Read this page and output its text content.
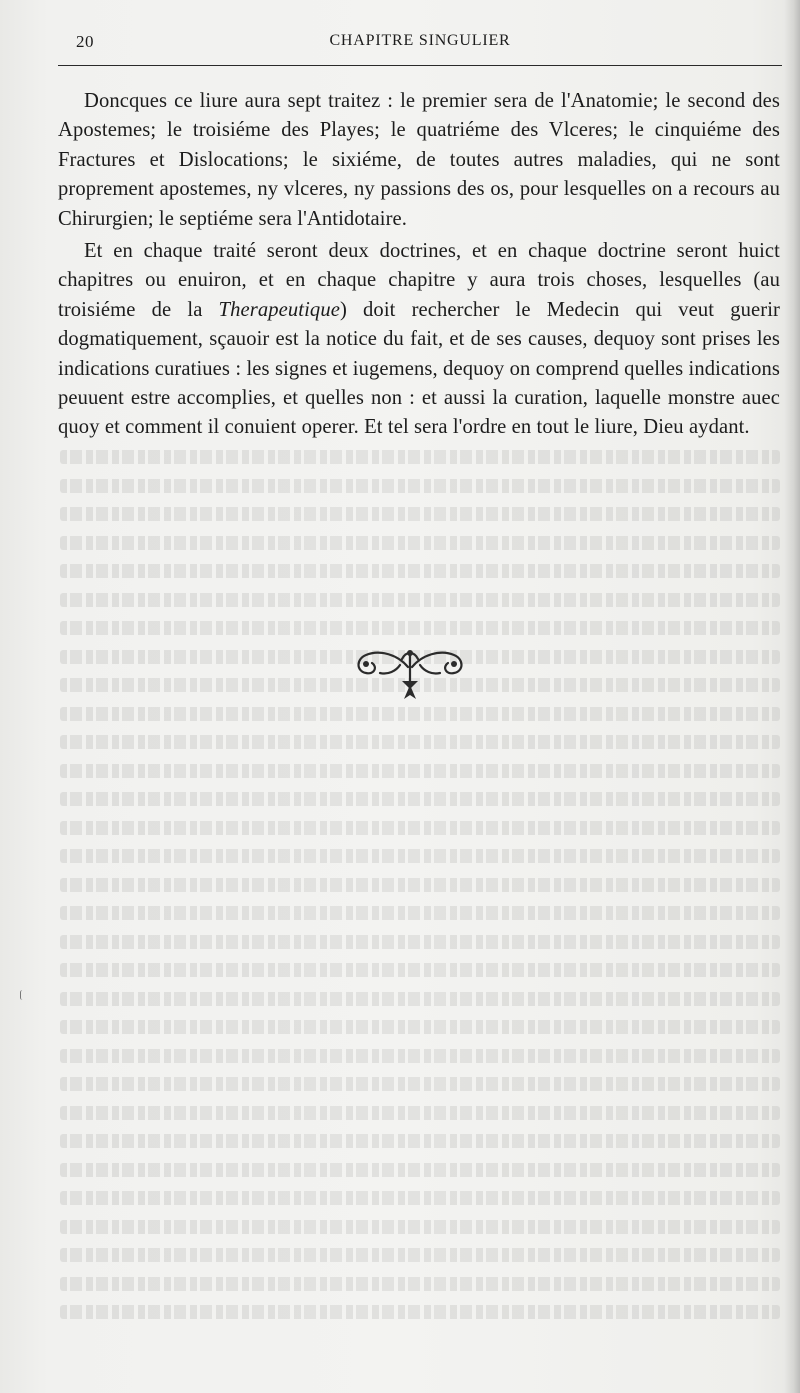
20	CHAPITRE SINGULIER

Doncques ce liure aura sept traitez : le premier sera de l'Anatomie; le second des Apostemes; le troisiéme des Playes; le quatriéme des Vlceres; le cinquiéme des Fractures et Dislocations; le sixiéme, de toutes autres maladies, qui ne sont proprement apostemes, ny vlceres, ny passions des os, pour lesquelles on a recours au Chirurgien; le septiéme sera l'Antidotaire.

Et en chaque traité seront deux doctrines, et en chaque doctrine seront huict chapitres ou enuiron, et en chaque chapitre y aura trois choses, lesquelles (au troisiéme de la Therapeutique) doit rechercher le Medecin qui veut guerir dogmatiquement, sçauoir est la notice du fait, et de ses causes, dequoy sont prises les indications curatiues : les signes et iugemens, dequoy on comprend quelles indications peuuent estre accomplies, et quelles non : et aussi la curation, laquelle monstre auec quoy et comment il conuient operer. Et tel sera l'ordre en tout le liure, Dieu aydant.
